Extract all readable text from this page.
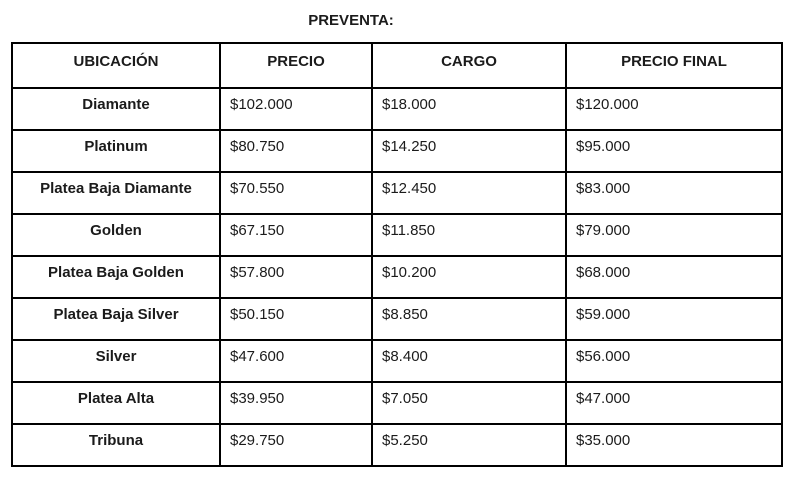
PREVENTA:
UBICACIÓN	PRECIO	CARGO	PRECIO FINAL
Diamante	$102.000	$18.000	$120.000
Platinum	$80.750	$14.250	$95.000
Platea Baja Diamante	$70.550	$12.450	$83.000
Golden	$67.150	$11.850	$79.000
Platea Baja Golden	$57.800	$10.200	$68.000
Platea Baja Silver	$50.150	$8.850	$59.000
Silver	$47.600	$8.400	$56.000
Platea Alta	$39.950	$7.050	$47.000
Tribuna	$29.750	$5.250	$35.000
